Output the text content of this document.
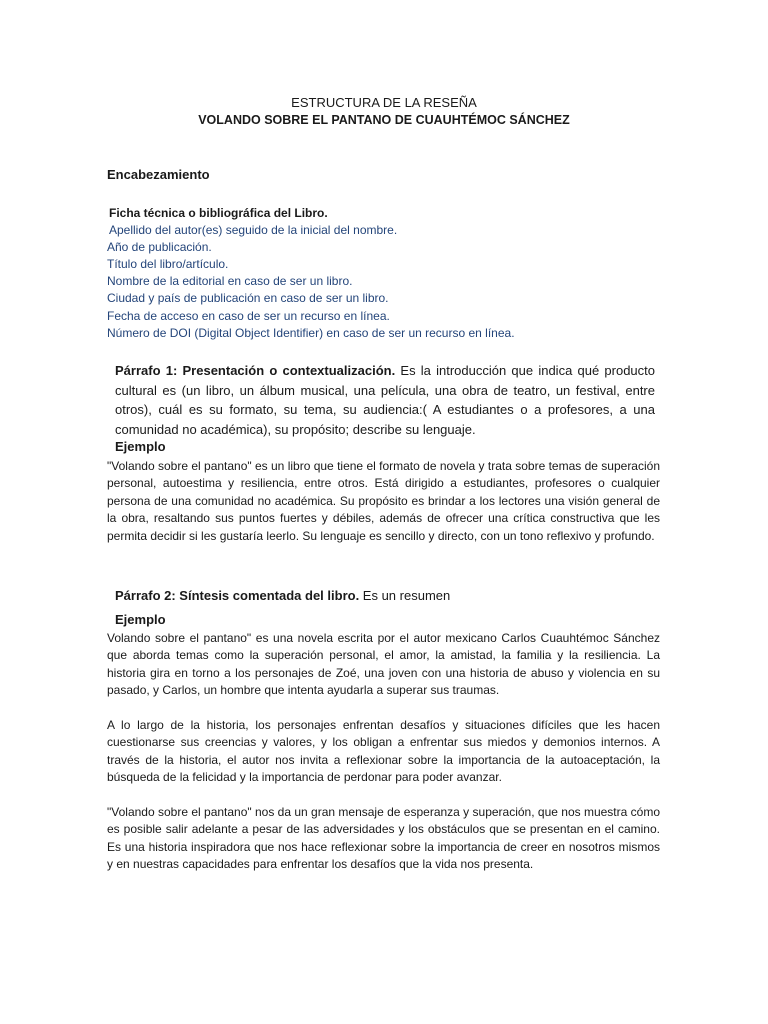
ESTRUCTURA DE LA RESEÑA
VOLANDO SOBRE EL PANTANO DE CUAUHTÉMOC SÁNCHEZ
Encabezamiento
Ficha técnica o bibliográfica del Libro.
Apellido del autor(es) seguido de la inicial del nombre.
Año de publicación.
Título del libro/artículo.
Nombre de la editorial en caso de ser un libro.
Ciudad y país de publicación en caso de ser un libro.
Fecha de acceso en caso de ser un recurso en línea.
Número de DOI (Digital Object Identifier) en caso de ser un recurso en línea.
Párrafo 1: Presentación o contextualización. Es la introducción que indica qué producto cultural es (un libro, un álbum musical, una película, una obra de teatro, un festival, entre otros), cuál es su formato, su tema, su audiencia:( A estudiantes o a profesores, a una comunidad no académica), su propósito; describe su lenguaje.
Ejemplo
"Volando sobre el pantano" es un libro que tiene el formato de novela y trata sobre temas de superación personal, autoestima y resiliencia, entre otros. Está dirigido a estudiantes, profesores o cualquier persona de una comunidad no académica. Su propósito es brindar a los lectores una visión general de la obra, resaltando sus puntos fuertes y débiles, además de ofrecer una crítica constructiva que les permita decidir si les gustaría leerlo. Su lenguaje es sencillo y directo, con un tono reflexivo y profundo.
Párrafo 2: Síntesis comentada del libro. Es un resumen
Ejemplo
Volando sobre el pantano" es una novela escrita por el autor mexicano Carlos Cuauhtémoc Sánchez que aborda temas como la superación personal, el amor, la amistad, la familia y la resiliencia. La historia gira en torno a los personajes de Zoé, una joven con una historia de abuso y violencia en su pasado, y Carlos, un hombre que intenta ayudarla a superar sus traumas.
A lo largo de la historia, los personajes enfrentan desafíos y situaciones difíciles que les hacen cuestionarse sus creencias y valores, y los obligan a enfrentar sus miedos y demonios internos. A través de la historia, el autor nos invita a reflexionar sobre la importancia de la autoaceptación, la búsqueda de la felicidad y la importancia de perdonar para poder avanzar.
"Volando sobre el pantano" nos da un gran mensaje de esperanza y superación, que nos muestra cómo es posible salir adelante a pesar de las adversidades y los obstáculos que se presentan en el camino. Es una historia inspiradora que nos hace reflexionar sobre la importancia de creer en nosotros mismos y en nuestras capacidades para enfrentar los desafíos que la vida nos presenta.
